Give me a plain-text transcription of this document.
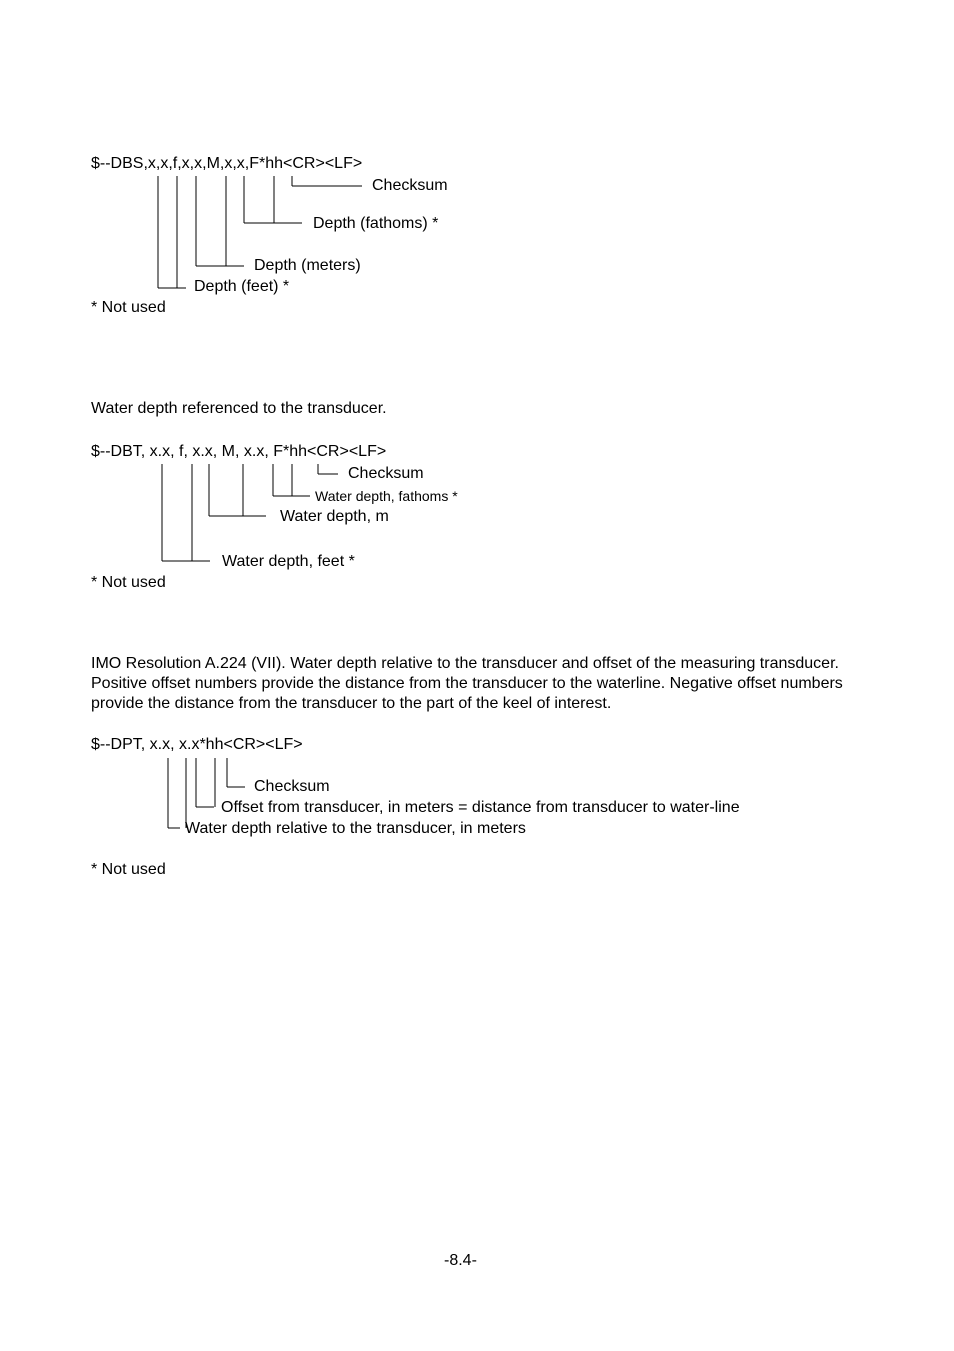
$--DBS,x,x,f,x,x,M,x,x,F*hh<CR><LF>
Checksum
Depth (fathoms) *
Depth (meters)
Depth (feet) *
* Not used
Water depth referenced to the transducer.
$--DBT, x.x, f, x.x, M, x.x, F*hh<CR><LF>
Checksum
Water depth, fathoms *
Water depth, m
Water depth, feet *
* Not used
IMO Resolution A.224 (VII). Water depth relative to the transducer and offset of the measuring transducer. Positive offset numbers provide the distance from the transducer to the waterline. Negative offset numbers provide the distance from the transducer to the part of the keel of interest.
$--DPT, x.x, x.x*hh<CR><LF>
Checksum
Offset from transducer, in meters = distance from transducer to water-line
Water depth relative to the transducer, in meters
* Not used
-8.4-
